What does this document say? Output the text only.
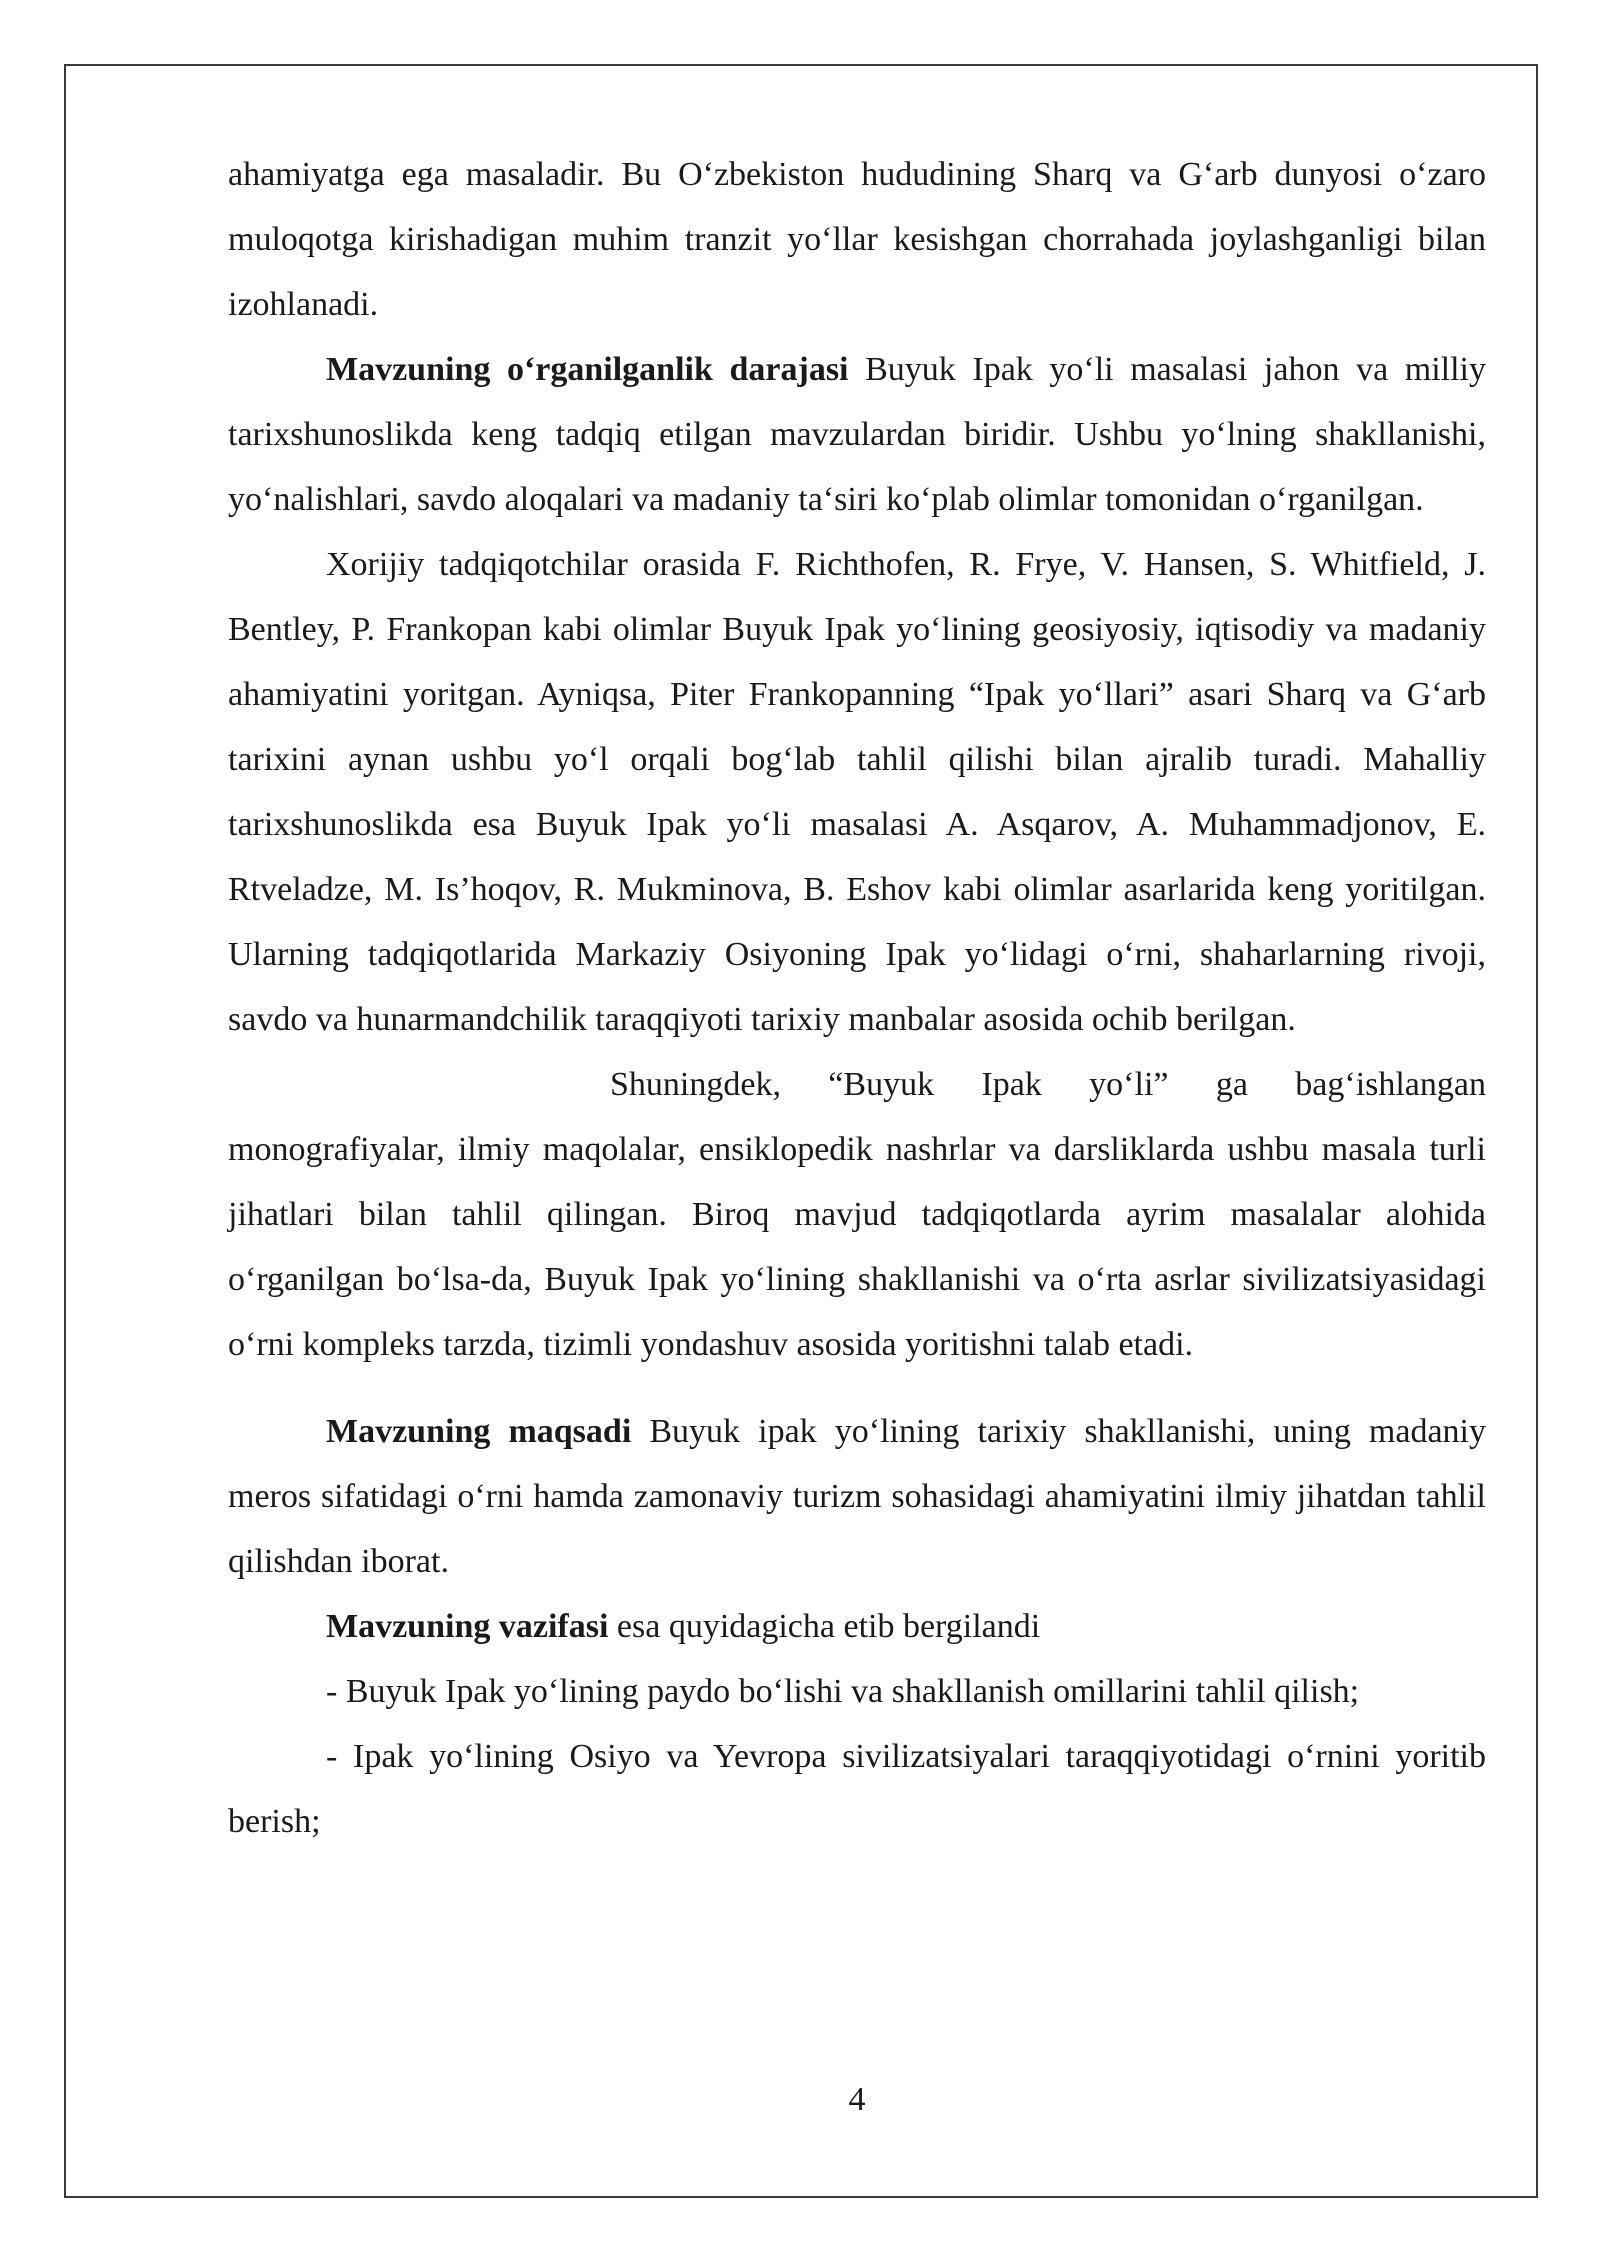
ahamiyatga ega masaladir. Bu O‘zbekiston hududining Sharq va G‘arb dunyosi o‘zaro muloqotga kirishadigan muhim tranzit yo‘llar kesishgan chorrahada joylashganligi bilan izohlanadi.

Mavzuning o‘rganilganlik darajasi Buyuk Ipak yo‘li masalasi jahon va milliy tarixshunoslikda keng tadqiq etilgan mavzulardan biridir. Ushbu yo‘lning shakllanishi, yo‘nalishlari, savdo aloqalari va madaniy ta‘siri ko‘plab olimlar tomonidan o‘rganilgan.

Xorijiy tadqiqotchilar orasida F. Richthofen, R. Frye, V. Hansen, S. Whitfield, J. Bentley, P. Frankopan kabi olimlar Buyuk Ipak yo‘lining geosiyosiy, iqtisodiy va madaniy ahamiyatini yoritgan. Ayniqsa, Piter Frankopanning “Ipak yo‘llari” asari Sharq va G‘arb tarixini aynan ushbu yo‘l orqali bog‘lab tahlil qilishi bilan ajralib turadi. Mahalliy tarixshunoslikda esa Buyuk Ipak yo‘li masalasi A. Asqarov, A. Muhammadjonov, E. Rtveladze, M. Is’hoqov, R. Mukminova, B. Eshov kabi olimlar asarlarida keng yoritilgan. Ularning tadqiqotlarida Markaziy Osiyoning Ipak yo‘lidagi o‘rni, shaharlarning rivoji, savdo va hunarmandchilik taraqqiyoti tarixiy manbalar asosida ochib berilgan.

Shuningdek, “Buyuk Ipak yo‘li” ga bag‘ishlangan monografiyalar, ilmiy maqolalar, ensiklopedik nashrlar va darsliklarda ushbu masala turli jihatlari bilan tahlil qilingan. Biroq mavjud tadqiqotlarda ayrim masalalar alohida o‘rganilgan bo‘lsa-da, Buyuk Ipak yo‘lining shakllanishi va o‘rta asrlar sivilizatsiyasidagi o‘rni kompleks tarzda, tizimli yondashuv asosida yoritishni talab etadi.

Mavzuning maqsadi Buyuk ipak yo‘lining tarixiy shakllanishi, uning madaniy meros sifatidagi o‘rni hamda zamonaviy turizm sohasidagi ahamiyatini ilmiy jihatdan tahlil qilishdan iborat.

Mavzuning vazifasi esa quyidagicha etib bergilandi

- Buyuk Ipak yo‘lining paydo bo‘lishi va shakllanish omillarini tahlil qilish;

- Ipak yo‘lining Osiyo va Yevropa sivilizatsiyalari taraqqiyotidagi o‘rnini yoritib berish;

4
